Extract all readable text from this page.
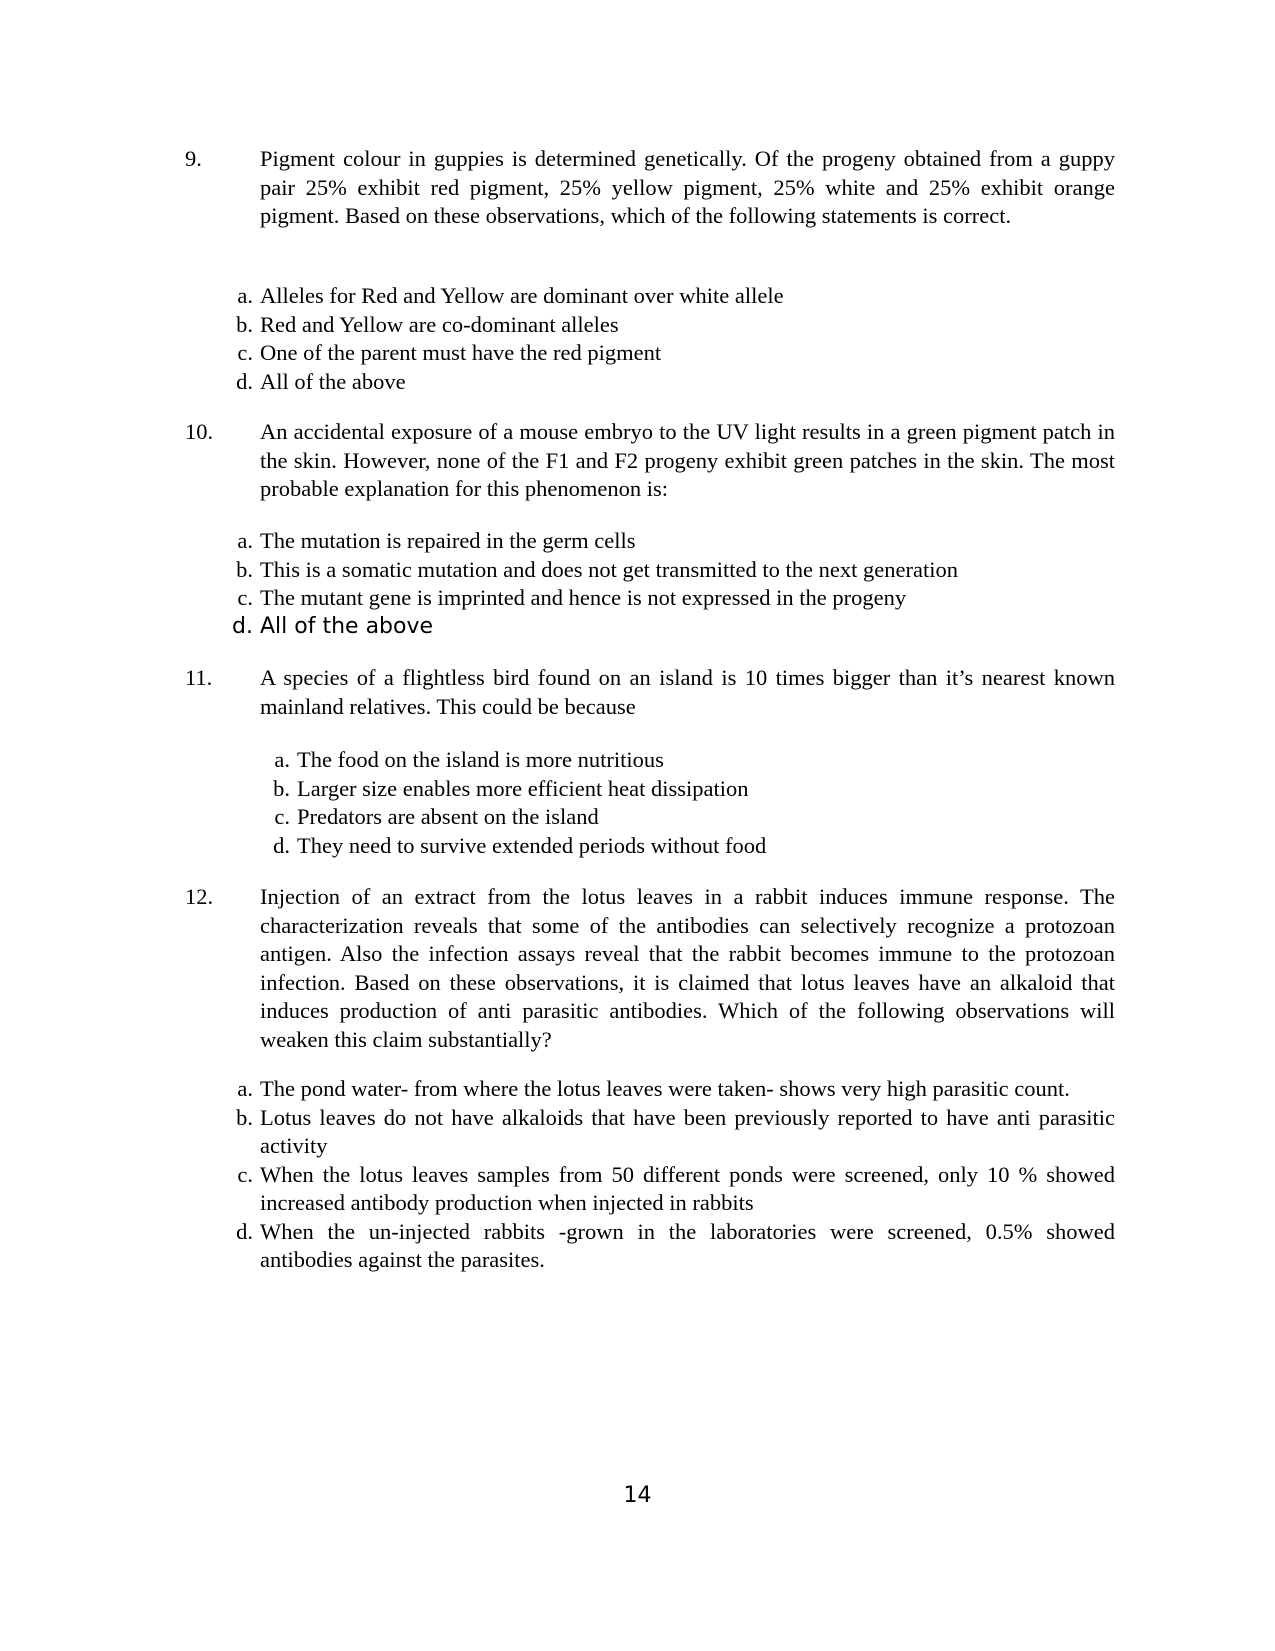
9.	Pigment colour in guppies is determined genetically. Of the progeny obtained from a guppy pair 25% exhibit red pigment, 25% yellow pigment, 25% white and 25% exhibit orange pigment. Based on these observations, which of the following statements is correct.
a. Alleles for Red and Yellow are dominant over white allele
b. Red and Yellow are co-dominant alleles
c. One of the parent must have the red pigment
d. All of the above
10. An accidental exposure of a mouse embryo to the UV light results in a green pigment patch in the skin. However, none of the F1 and F2 progeny exhibit green patches in the skin. The most probable explanation for this phenomenon is:
a. The mutation is repaired in the germ cells
b. This is a somatic mutation and does not get transmitted to the next generation
c. The mutant gene is imprinted and hence is not expressed in the progeny
d. All of the above
11. A species of a flightless bird found on an island is 10 times bigger than it’s nearest known mainland relatives. This could be because
a. The food on the island is more nutritious
b. Larger size enables more efficient heat dissipation
c. Predators are absent on the island
d. They need to survive extended periods without food
12. Injection of an extract from the lotus leaves in a rabbit induces immune response. The characterization reveals that some of the antibodies can selectively recognize a protozoan antigen. Also the infection assays reveal that the rabbit becomes immune to the protozoan infection. Based on these observations, it is claimed that lotus leaves have an alkaloid that induces production of anti parasitic antibodies. Which of the following observations will weaken this claim substantially?
a. The pond water- from where the lotus leaves were taken- shows very high parasitic count.
b. Lotus leaves do not have alkaloids that have been previously reported to have anti parasitic activity
c. When the lotus leaves samples from 50 different ponds were screened, only 10 % showed increased antibody production when injected in rabbits
d. When the un-injected rabbits -grown in the laboratories were screened, 0.5% showed antibodies against the parasites.
14
